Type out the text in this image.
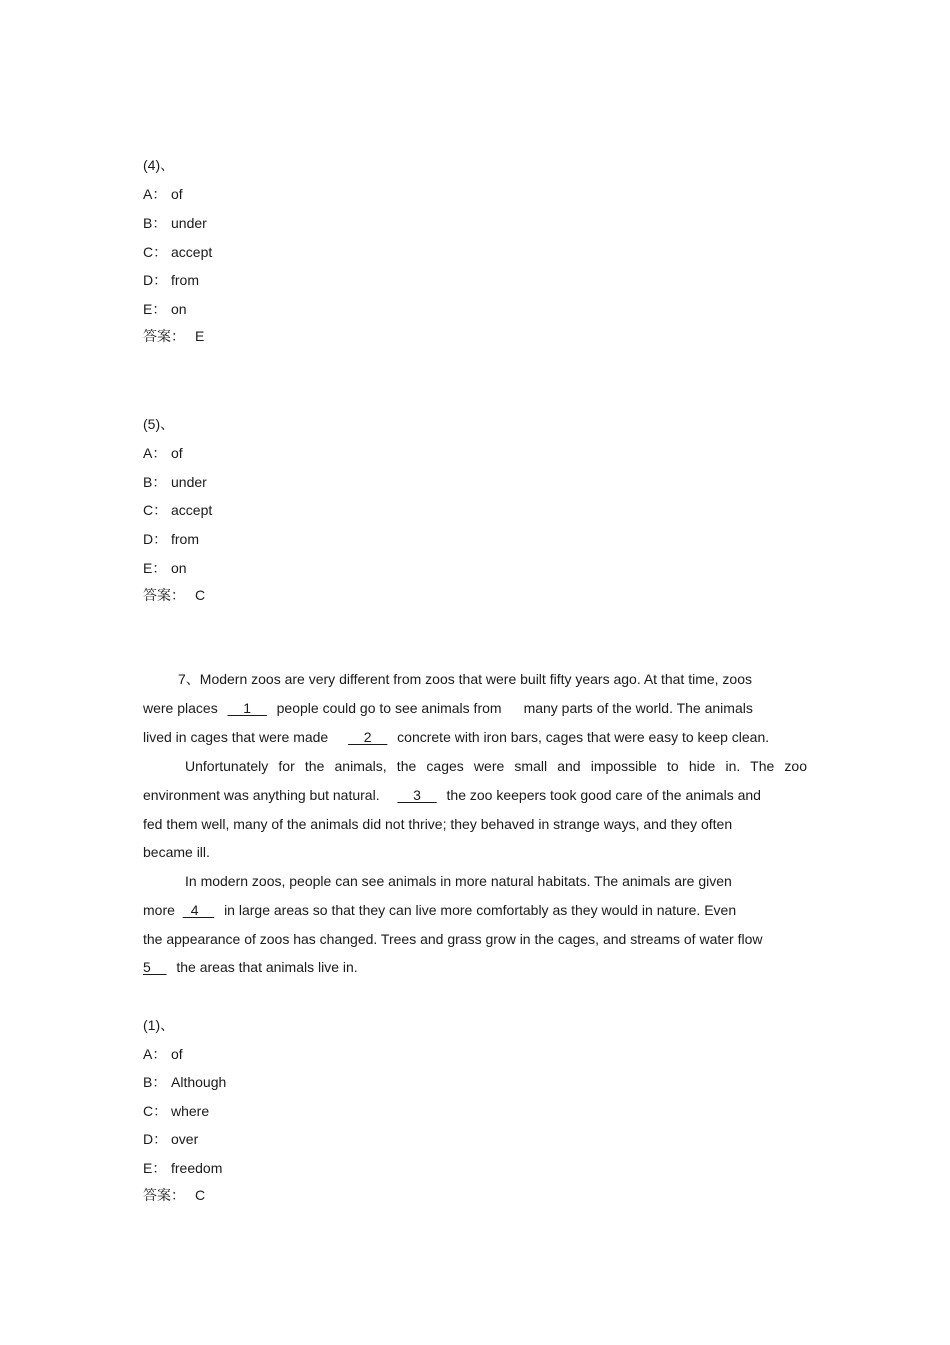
(4)、
A： of
B： under
C： accept
D： from
E： on
答案： E
(5)、
A： of
B： under
C： accept
D： from
E： on
答案： C
7、Modern zoos are very different from zoos that were built fifty years ago. At that time, zoos
were places __1__ people could go to see animals from many parts of the world. The animals
lived in cages that were made __2__ concrete with iron bars, cages that were easy to keep clean.
Unfortunately for the animals, the cages were small and impossible to hide in. The zoo
environment was anything but natural. __3__ the zoo keepers took good care of the animals and
fed them well, many of the animals did not thrive; they behaved in strange ways, and they often
became ill.
In modern zoos, people can see animals in more natural habitats. The animals are given
more _4__ in large areas so that they can live more comfortably as they would in nature. Even
the appearance of zoos has changed. Trees and grass grow in the cages, and streams of water flow
5__ the areas that animals live in.
(1)、
A： of
B： Although
C： where
D： over
E： freedom
答案： C
